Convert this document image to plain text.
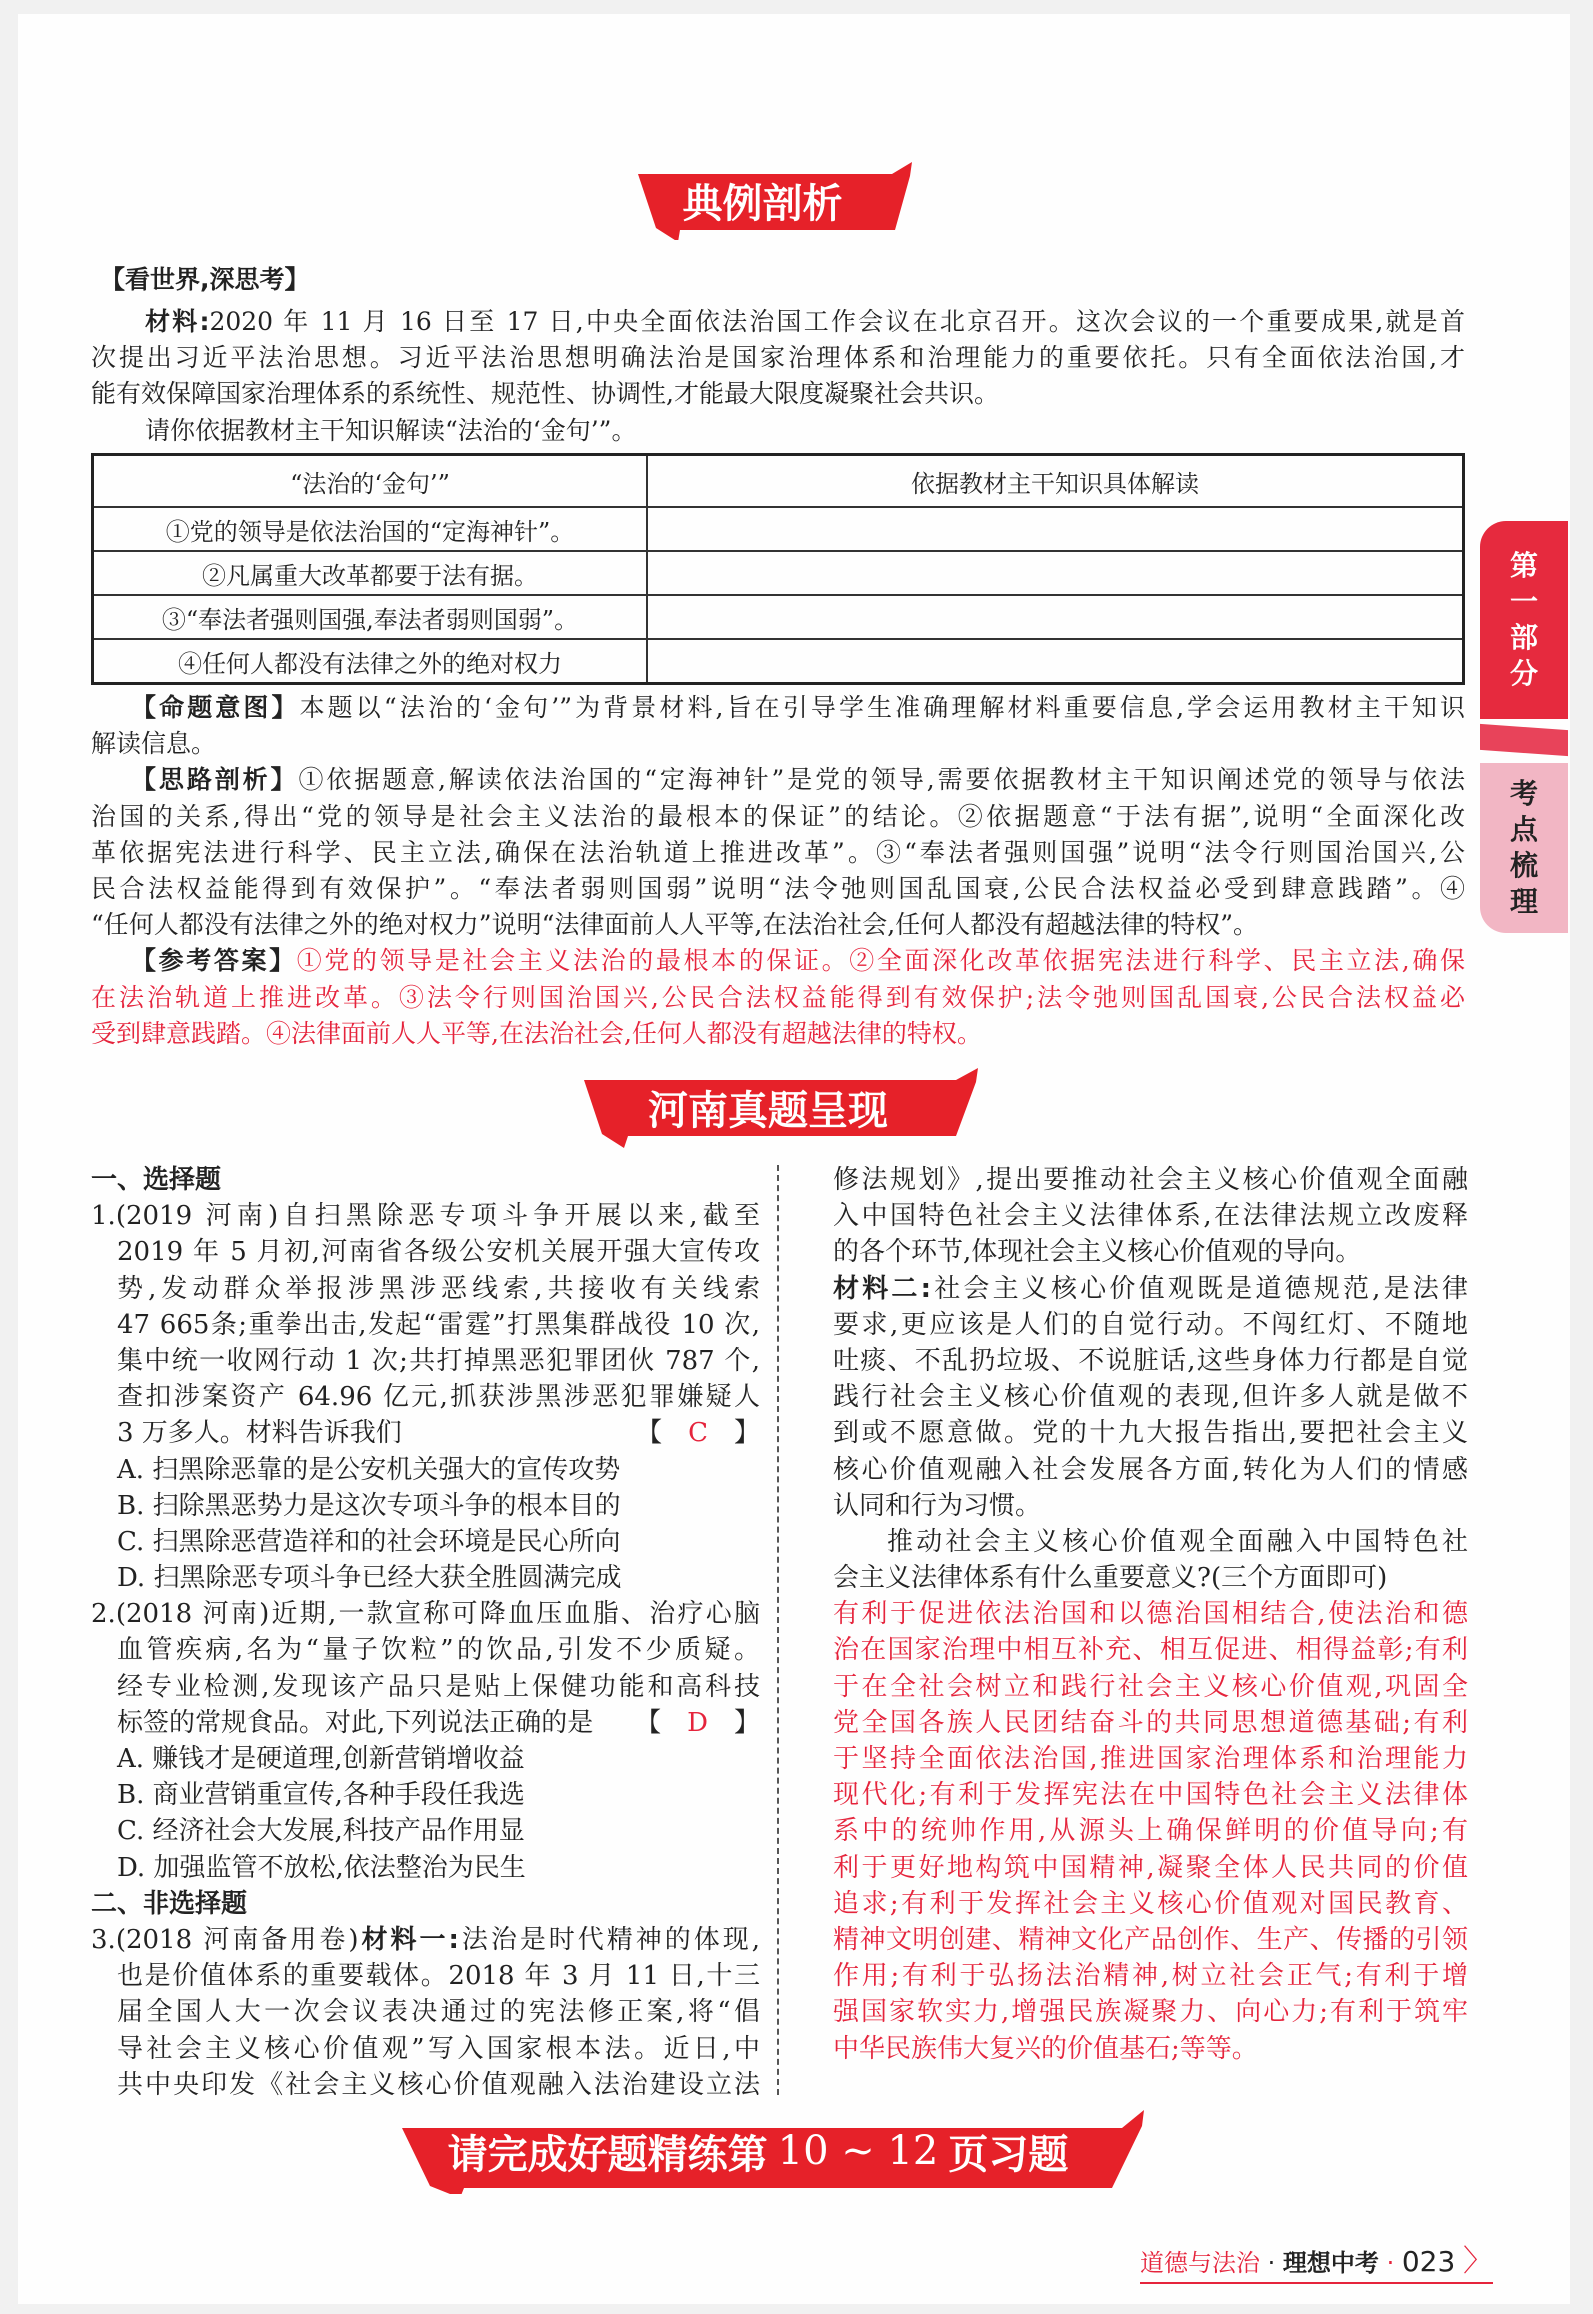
典例剖析
【看世界,深思考】
材料:2020 年 11 月 16 日至 17 日,中央全面依法治国工作会议在北京召开。这次会议的一个重要成果,就是首
次提出习近平法治思想。习近平法治思想明确法治是国家治理体系和治理能力的重要依托。只有全面依法治国,才
能有效保障国家治理体系的系统性、规范性、协调性,才能最大限度凝聚社会共识。
请你依据教材主干知识解读“法治的‘金句’”。
“法治的‘金句’”	依据教材主干知识具体解读
①党的领导是依法治国的“定海神针”。	
②凡属重大改革都要于法有据。	
③“奉法者强则国强,奉法者弱则国弱”。	
④任何人都没有法律之外的绝对权力	
【命题意图】本题以“法治的‘金句’”为背景材料,旨在引导学生准确理解材料重要信息,学会运用教材主干知识
解读信息。
【思路剖析】①依据题意,解读依法治国的“定海神针”是党的领导,需要依据教材主干知识阐述党的领导与依法
治国的关系,得出“党的领导是社会主义法治的最根本的保证”的结论。②依据题意“于法有据”,说明“全面深化改
革依据宪法进行科学、民主立法,确保在法治轨道上推进改革”。③“奉法者强则国强”说明“法令行则国治国兴,公
民合法权益能得到有效保护”。“奉法者弱则国弱”说明“法令弛则国乱国衰,公民合法权益必受到肆意践踏”。④
“任何人都没有法律之外的绝对权力”说明“法律面前人人平等,在法治社会,任何人都没有超越法律的特权”。
【参考答案】①党的领导是社会主义法治的最根本的保证。②全面深化改革依据宪法进行科学、民主立法,确保
在法治轨道上推进改革。③法令行则国治国兴,公民合法权益能得到有效保护;法令弛则国乱国衰,公民合法权益必
受到肆意践踏。④法律面前人人平等,在法治社会,任何人都没有超越法律的特权。
河南真题呈现
一、选择题
1.(2019 河南)自扫黑除恶专项斗争开展以来,截至
2019 年 5 月初,河南省各级公安机关展开强大宣传攻
势,发动群众举报涉黑涉恶线索,共接收有关线索
47 665条;重拳出击,发起“雷霆”打黑集群战役 10 次,
集中统一收网行动 1 次;共打掉黑恶犯罪团伙 787 个,
查扣涉案资产 64.96 亿元,抓获涉黑涉恶犯罪嫌疑人
3 万多人。材料告诉我们	【 C 】
A. 扫黑除恶靠的是公安机关强大的宣传攻势
B. 扫除黑恶势力是这次专项斗争的根本目的
C. 扫黑除恶营造祥和的社会环境是民心所向
D. 扫黑除恶专项斗争已经大获全胜圆满完成
2.(2018 河南)近期,一款宣称可降血压血脂、治疗心脑
血管疾病,名为“量子饮粒”的饮品,引发不少质疑。
经专业检测,发现该产品只是贴上保健功能和高科技
标签的常规食品。对此,下列说法正确的是 【 D 】
A. 赚钱才是硬道理,创新营销增收益
B. 商业营销重宣传,各种手段任我选
C. 经济社会大发展,科技产品作用显
D. 加强监管不放松,依法整治为民生
二、非选择题
3.(2018 河南备用卷)材料一:法治是时代精神的体现,
也是价值体系的重要载体。2018 年 3 月 11 日,十三
届全国人大一次会议表决通过的宪法修正案,将“倡
导社会主义核心价值观”写入国家根本法。近日,中
共中央印发《社会主义核心价值观融入法治建设立法
修法规划》,提出要推动社会主义核心价值观全面融
入中国特色社会主义法律体系,在法律法规立改废释
的各个环节,体现社会主义核心价值观的导向。
材料二:社会主义核心价值观既是道德规范,是法律
要求,更应该是人们的自觉行动。不闯红灯、不随地
吐痰、不乱扔垃圾、不说脏话,这些身体力行都是自觉
践行社会主义核心价值观的表现,但许多人就是做不
到或不愿意做。党的十九大报告指出,要把社会主义
核心价值观融入社会发展各方面,转化为人们的情感
认同和行为习惯。
推动社会主义核心价值观全面融入中国特色社
会主义法律体系有什么重要意义?(三个方面即可)
有利于促进依法治国和以德治国相结合,使法治和德
治在国家治理中相互补充、相互促进、相得益彰;有利
于在全社会树立和践行社会主义核心价值观,巩固全
党全国各族人民团结奋斗的共同思想道德基础;有利
于坚持全面依法治国,推进国家治理体系和治理能力
现代化;有利于发挥宪法在中国特色社会主义法律体
系中的统帅作用,从源头上确保鲜明的价值导向;有
利于更好地构筑中国精神,凝聚全体人民共同的价值
追求;有利于发挥社会主义核心价值观对国民教育、
精神文明创建、精神文化产品创作、生产、传播的引领
作用;有利于弘扬法治精神,树立社会正气;有利于增
强国家软实力,增强民族凝聚力、向心力;有利于筑牢
中华民族伟大复兴的价值基石;等等。
请完成好题精练第 10 ~ 12 页习题
第
一
部
分
考
点
梳
理
道德与法治 · 理想中考 · 023 〉
